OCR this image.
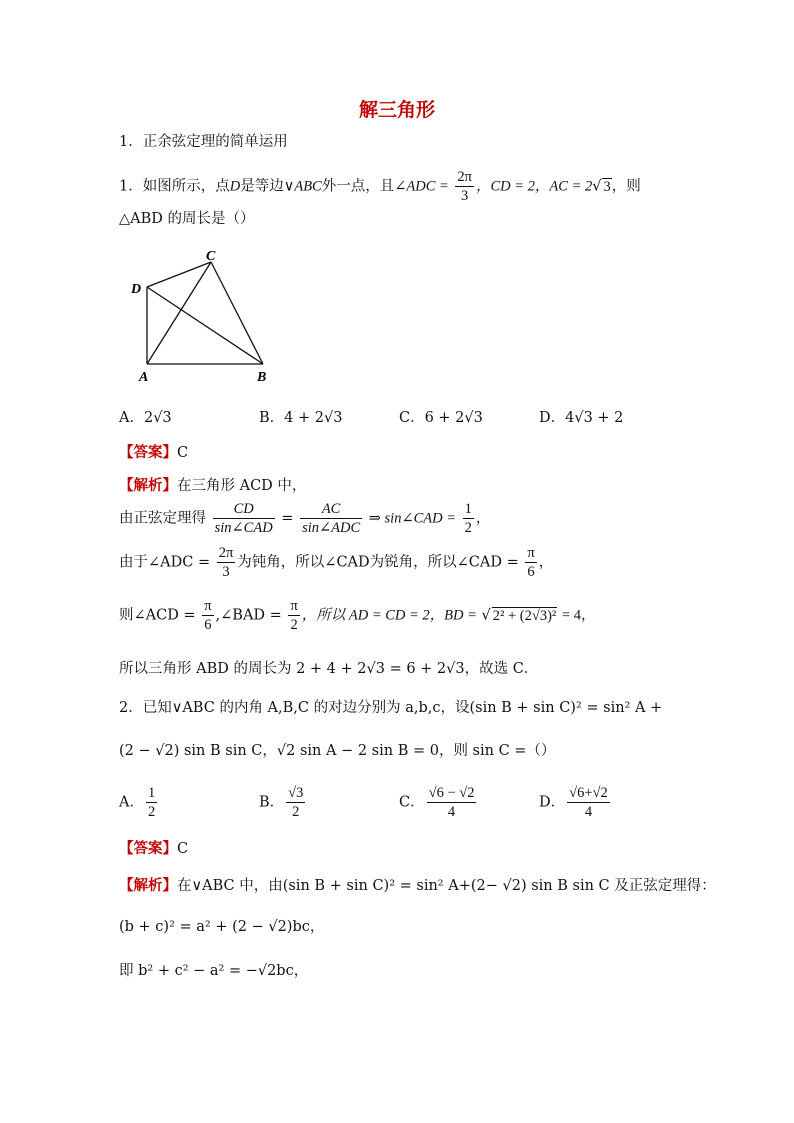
解三角形
1．正余弦定理的简单运用
1．如图所示，点D是等边∨ABC外一点，且∠ADC = $\frac{2\pi}{3}$ ，CD = 2，AC = 2√ 3，则
△ABD 的周长是（）
C
D
A	B
A．2√3	B．4 + 2√3	C．6 + 2√3	D．4√3 + 2
【答案】C
【解析】在三角形 ACD 中，
由正弦定理得 $\frac{CD}{\text{sin∠CAD}} = \frac{AC}{\text{sin∠ADC}}$ ⇒ sin∠CAD = $\frac{1}{2}$ ，
由于∠ADC = $\frac{2\pi}{3}$ 为钝角，所以∠CAD为锐角，所以∠CAD = $\frac{\pi}{6}$ ，
则∠ACD = $\frac{\pi}{6}$ ,∠BAD = $\frac{\pi}{2}$ ，所以 AD = CD = 2，BD = √ 2² + (2√3)² = 4，
所以三角形 ABD 的周长为 2 + 4 + 2√3 = 6 + 2√3，故选 C．
2．已知∨ABC 的内角 A,B,C 的对边分别为 a,b,c，设(sin B + sin C)² = sin² A +
(2 − √2) sin B sin C，√2 sin A − 2 sin B = 0，则 sin C =（）
A． $\frac{1}{2}$	B． $\frac{√3}{2}$	C． $\frac{√6 - √2}{4}$	D． $\frac{√6+√2}{4}$
【答案】C
【解析】在∨ABC 中，由(sin B + sin C)² = sin² A+(2− √2) sin B sin C 及正弦定理得：
(b + c)² = a² + (2 − √2)bc，
即 b² + c² − a² = −√2bc，
